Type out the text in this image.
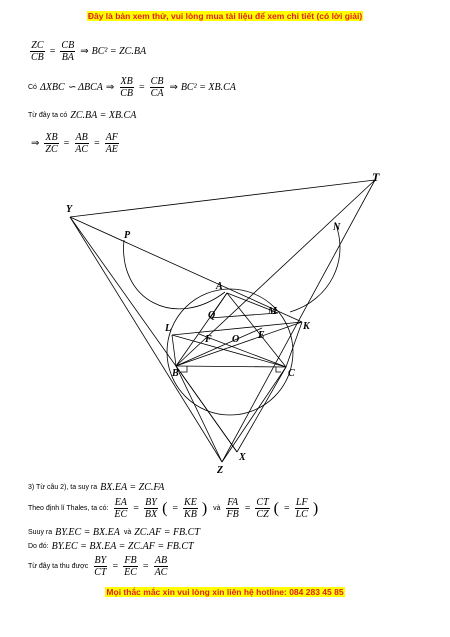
Đây là bản xem thử, vui lòng mua tài liệu để xem chi tiết (có lời giải)
$\frac{ZC}{CB} = \frac{CB}{BA}$ ⇒ BC² = ZC.BA
Có ΔXBC ∽ ΔBCA ⇒ $\frac{XB}{CB} = \frac{CB}{CA}$ ⇒ BC² = XB.CA
Từ đây ta có ZC.BA = XB.CA
⇒ $\frac{XB}{ZC} = \frac{AB}{AC} = \frac{AF}{AE}$
T
Y
N
P
A
Q	M
L
F O E
K
B	C
X
Z
3) Từ câu 2), ta suy ra BX.EA = ZC.FA
Theo định lí Thales, ta có: $\frac{EA}{EC} = \frac{BY}{BX}$ ( = $\frac{KE}{KB}$ ) và $\frac{FA}{FB} = \frac{CT}{CZ}$ ( = $\frac{LF}{LC}$ )
Suuy ra BY.EC = BX.EA và ZC.AF = FB.CT
Do đó: BY.EC = BX.EA = ZC.AF = FB.CT
Từ đây ta thu được $\frac{BY}{CT} = \frac{FB}{EC} = \frac{AB}{AC}$
Mọi thắc mắc xin vui lòng xin liên hệ hotline: 084 283 45 85
